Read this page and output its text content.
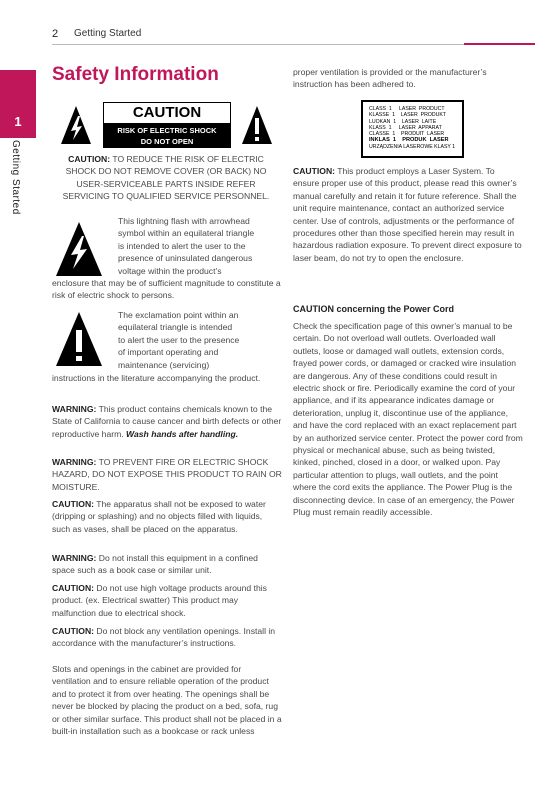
2 Getting Started
1
Getting Started
Safety Information
CAUTION
RISK OF ELECTRIC SHOCK
DO NOT OPEN
CAUTION: TO REDUCE THE RISK OF ELECTRIC SHOCK DO NOT REMOVE COVER (OR BACK) NO USER-SERVICEABLE PARTS INSIDE REFER SERVICING TO QUALIFIED SERVICE PERSONNEL.
This lightning flash with arrowhead
symbol within an equilateral triangle
is intended to alert the user to the
presence of uninsulated dangerous
voltage within the product’s
enclosure that may be of sufficient magnitude to constitute a risk of electric shock to persons.
The exclamation point within an
equilateral triangle is intended
to alert the user to the presence
of important operating and
maintenance (servicing)
instructions in the literature accompanying the product.
WARNING: This product contains chemicals known to the State of California to cause cancer and birth defects or other reproductive harm. Wash hands after handling.
WARNING: TO PREVENT FIRE OR ELECTRIC SHOCK HAZARD, DO NOT EXPOSE THIS PRODUCT TO RAIN OR MOISTURE.
CAUTION: The apparatus shall not be exposed to water (dripping or splashing) and no objects filled with liquids, such as vases, shall be placed on the apparatus.
WARNING: Do not install this equipment in a confined space such as a book case or similar unit.
CAUTION: Do not use high voltage products around this product. (ex. Electrical swatter) This product may malfunction due to electrical shock.
CAUTION: Do not block any ventilation openings. Install in accordance with the manufacturer’s instructions.
Slots and openings in the cabinet are provided for ventilation and to ensure reliable operation of the product and to protect it from over heating. The openings shall be never be blocked by placing the product on a bed, sofa, rug or other similar surface. This product shall not be placed in a built-in installation such as a bookcase or rack unless
proper ventilation is provided or the manufacturer’s instruction has been adhered to.
CLASS  1     LASER  PRODUCT
KLASSE  1    LASER  PRODUKT
LUOKAN  1    LASER  LAITE
KLASS  1     LASER  APPARAT
CLASSE  1    PRODUIT  LASER
INKLAS  1    PRODUK  LASER
URZĄDZENIA LASEROWE KLASY 1
CAUTION: This product employs a Laser System. To ensure proper use of this product, please read this owner’s manual carefully and retain it for future reference. Shall the unit require maintenance, contact an authorized service center. Use of controls, adjustments or the performance of procedures other than those specified herein may result in hazardous radiation exposure. To prevent direct exposure to laser beam, do not try to open the enclosure.
CAUTION concerning the Power Cord
Check the specification page of this owner’s manual to be certain. Do not overload wall outlets. Overloaded wall outlets, loose or damaged wall outlets, extension cords, frayed power cords, or damaged or cracked wire insulation are dangerous. Any of these conditions could result in electric shock or fire. Periodically examine the cord of your appliance, and if its appearance indicates damage or deterioration, unplug it, discontinue use of the appliance, and have the cord replaced with an exact replacement part by an authorized service center. Protect the power cord from physical or mechanical abuse, such as being twisted, kinked, pinched, closed in a door, or walked upon. Pay particular attention to plugs, wall outlets, and the point where the cord exits the appliance. The Power Plug is the disconnecting device. In case of an emergency, the Power Plug must remain readily accessible.
